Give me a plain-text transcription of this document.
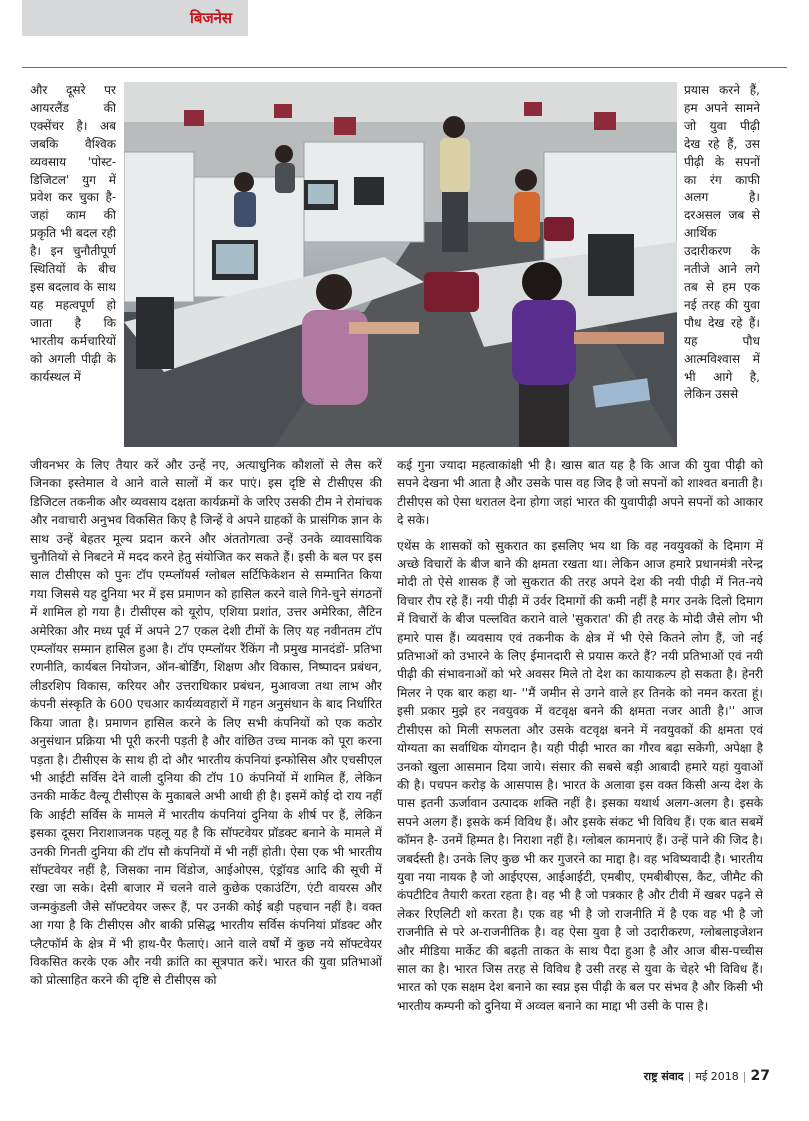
बिजनेस

और दूसरे पर आयरलैंड की एक्सेंचर है। अब जबकि वैश्विक व्यवसाय 'पोस्ट-डिजिटल' युग में प्रवेश कर चुका है- जहां काम की प्रकृति भी बदल रही है। इन चुनौतीपूर्ण स्थितियों के बीच इस बदलाव के साथ यह महत्वपूर्ण हो जाता है कि भारतीय कर्मचारियों को अगली पीढ़ी के कार्यस्थल में

प्रयास करने हैं, हम अपने सामने जो युवा पीढ़ी देख रहे हैं, उस पीढ़ी के सपनों का रंग काफी अलग है। दरअसल जब से आर्थिक उदारीकरण के नतीजे आने लगे तब से हम एक नई तरह की युवा पौध देख रहे हैं। यह पौध आत्मविश्वास में भी आगे है, लेकिन उससे

जीवनभर के लिए तैयार करें और उन्हें नए, अत्याधुनिक कौशलों से लैस करें जिनका इस्तेमाल वे आने वाले सालों में कर पाएं। इस दृष्टि से टीसीएस की डिजिटल तकनीक और व्यवसाय दक्षता कार्यक्रमों के जरिए उसकी टीम ने रोमांचक और नवाचारी अनुभव विकसित किए है जिन्हें वे अपने ग्राहकों के प्रासंगिक ज्ञान के साथ उन्हें बेहतर मूल्य प्रदान करने और अंततोगत्वा उन्हें उनके व्यावसायिक चुनौतियों से निबटने में मदद करने हेतु संयोजित कर सकते हैं। इसी के बल पर इस साल टीसीएस को पुनः टॉप एम्प्लॉयर्स ग्लोबल सर्टिफिकेशन से सम्मानित किया गया जिससे यह दुनिया भर में इस प्रमाणन को हासिल करने वाले गिने-चुने संगठनों में शामिल हो गया है। टीसीएस को यूरोप, एशिया प्रशांत, उत्तर अमेरिका, लैटिन अमेरिका और मध्य पूर्व में अपने 27 एकल देशी टीमों के लिए यह नवीनतम टॉप एम्प्लॉयर सम्मान हासिल हुआ है। टॉप एम्प्लॉयर रैंकिंग नौ प्रमुख मानदंडों- प्रतिभा रणनीति, कार्यबल नियोजन, ऑन-बोर्डिंग, शिक्षण और विकास, निष्पादन प्रबंधन, लीडरशिप विकास, करियर और उत्तराधिकार प्रबंधन, मुआवजा तथा लाभ और कंपनी संस्कृति के 600 एचआर कार्यव्यवहारों में गहन अनुसंधान के बाद निर्धारित किया जाता है। प्रमाणन हासिल करने के लिए सभी कंपनियों को एक कठोर अनुसंधान प्रक्रिया भी पूरी करनी पड़ती है और वांछित उच्च मानक को पूरा करना पड़ता है। टीसीएस के साथ ही दो और भारतीय कंपनियां इन्फोसिस और एचसीएल भी आईटी सर्विस देने वाली दुनिया की टॉप 10 कंपनियों में शामिल हैं, लेकिन उनकी मार्केट वैल्यू टीसीएस के मुकाबले अभी आधी ही है। इसमें कोई दो राय नहीं कि आईटी सर्विस के मामले में भारतीय कंपनियां दुनिया के शीर्ष पर हैं, लेकिन इसका दूसरा निराशाजनक पहलू यह है कि सॉफ्टवेयर प्रॉडक्ट बनाने के मामले में उनकी गिनती दुनिया की टॉप सौ कंपनियों में भी नहीं होती। ऐसा एक भी भारतीय सॉफ्टवेयर नहीं है, जिसका नाम विंडोज, आईओएस, एंड्रॉयड आदि की सूची में रखा जा सके। देसी बाजार में चलने वाले कुछेक एकाउंटिंग, एंटी वायरस और जन्मकुंडली जैसे सॉफ्टवेयर जरूर हैं, पर उनकी कोई बड़ी पहचान नहीं है। वक्त आ गया है कि टीसीएस और बाकी प्रसिद्ध भारतीय सर्विस कंपनियां प्रॉडक्ट और प्लैटफॉर्म के क्षेत्र में भी हाथ-पैर फैलाएं। आने वाले वर्षों में कुछ नये सॉफ्टवेयर विकसित करके एक और नयी क्रांति का सूत्रपात करें। भारत की युवा प्रतिभाओं को प्रोत्साहित करने की दृष्टि से टीसीएस को

कई गुना ज्यादा महत्वाकांक्षी भी है। खास बात यह है कि आज की युवा पीढ़ी को सपने देखना भी आता है और उसके पास वह जिद है जो सपनों को शाश्वत बनाती है। टीसीएस को ऐसा धरातल देना होगा जहां भारत की युवापीढ़ी अपने सपनों को आकार दे सके।

एथेंस के शासकों को सुकरात का इसलिए भय था कि वह नवयुवकों के दिमाग में अच्छे विचारों के बीज बाने की क्षमता रखता था। लेकिन आज हमारे प्रधानमंत्री नरेन्द्र मोदी तो ऐसे शासक हैं जो सुकरात की तरह अपने देश की नयी पीढ़ी में नित-नये विचार रौप रहे हैं। नयी पीढ़ी में उर्वर दिमागों की कमी नहीं है मगर उनके दिलो दिमाग में विचारों के बीज पल्लवित कराने वाले 'सुकरात' की ही तरह के मोदी जैसे लोग भी हमारे पास हैं। व्यवसाय एवं तकनीक के क्षेत्र में भी ऐसे कितने लोग हैं, जो नई प्रतिभाओं को उभारने के लिए ईमानदारी से प्रयास करते हैं? नयी प्रतिभाओं एवं नयी पीढ़ी की संभावनाओं को भरे अवसर मिले तो देश का कायाकल्प हो सकता है। हेनरी मिलर ने एक बार कहा था- ''मैं जमीन से उगने वाले हर तिनके को नमन करता हूं। इसी प्रकार मुझे हर नवयुवक में वटवृक्ष बनने की क्षमता नजर आती है।'' आज टीसीएस को मिली सफलता और उसके वटवृक्ष बनने में नवयुवकों की क्षमता एवं योग्यता का सर्वाधिक योगदान है। यही पीढ़ी भारत का गौरव बढ़ा सकेगी, अपेक्षा है उनको खुला आसमान दिया जाये। संसार की सबसे बड़ी आबादी हमारे यहां युवाओं की है। पचपन करोड़ के आसपास है। भारत के अलावा इस वक्त किसी अन्य देश के पास इतनी ऊर्जावान उत्पादक शक्ति नहीं है। इसका यथार्थ अलग-अलग है। इसके सपने अलग हैं। इसके कर्म विविध हैं। और इसके संकट भी विविध हैं। एक बात सबमें कॉमन है- उनमें हिम्मत है। निराशा नहीं है। ग्लोबल कामनाएं हैं। उन्हें पाने की जिद है। जबर्दस्ती है। उनके लिए कुछ भी कर गुजरने का माद्दा है। वह भविष्यवादी है। भारतीय युवा नया नायक है जो आईएएस, आईआईटी, एमबीए, एमबीबीएस, कैट, जीमैट की कंपटीटिव तैयारी करता रहता है। वह भी है जो पत्रकार है और टीवी में खबर पढ़ने से लेकर रिएलिटी शो करता है। एक वह भी है जो राजनीति में है एक वह भी है जो राजनीति से परे अ-राजनीतिक है। वह ऐसा युवा है जो उदारीकरण, ग्लोबलाइजेशन और मीडिया मार्केट की बढ़ती ताकत के साथ पैदा हुआ है और आज बीस-पच्चीस साल का है। भारत जिस तरह से विविध है उसी तरह से युवा के चेहरे भी विविध हैं। भारत को एक सक्षम देश बनाने का स्वप्न इस पीढ़ी के बल पर संभव है और किसी भी भारतीय कम्पनी को दुनिया में अव्वल बनाने का माद्दा भी उसी के पास है।

राष्ट्र संवाद | मई 2018 | 27
